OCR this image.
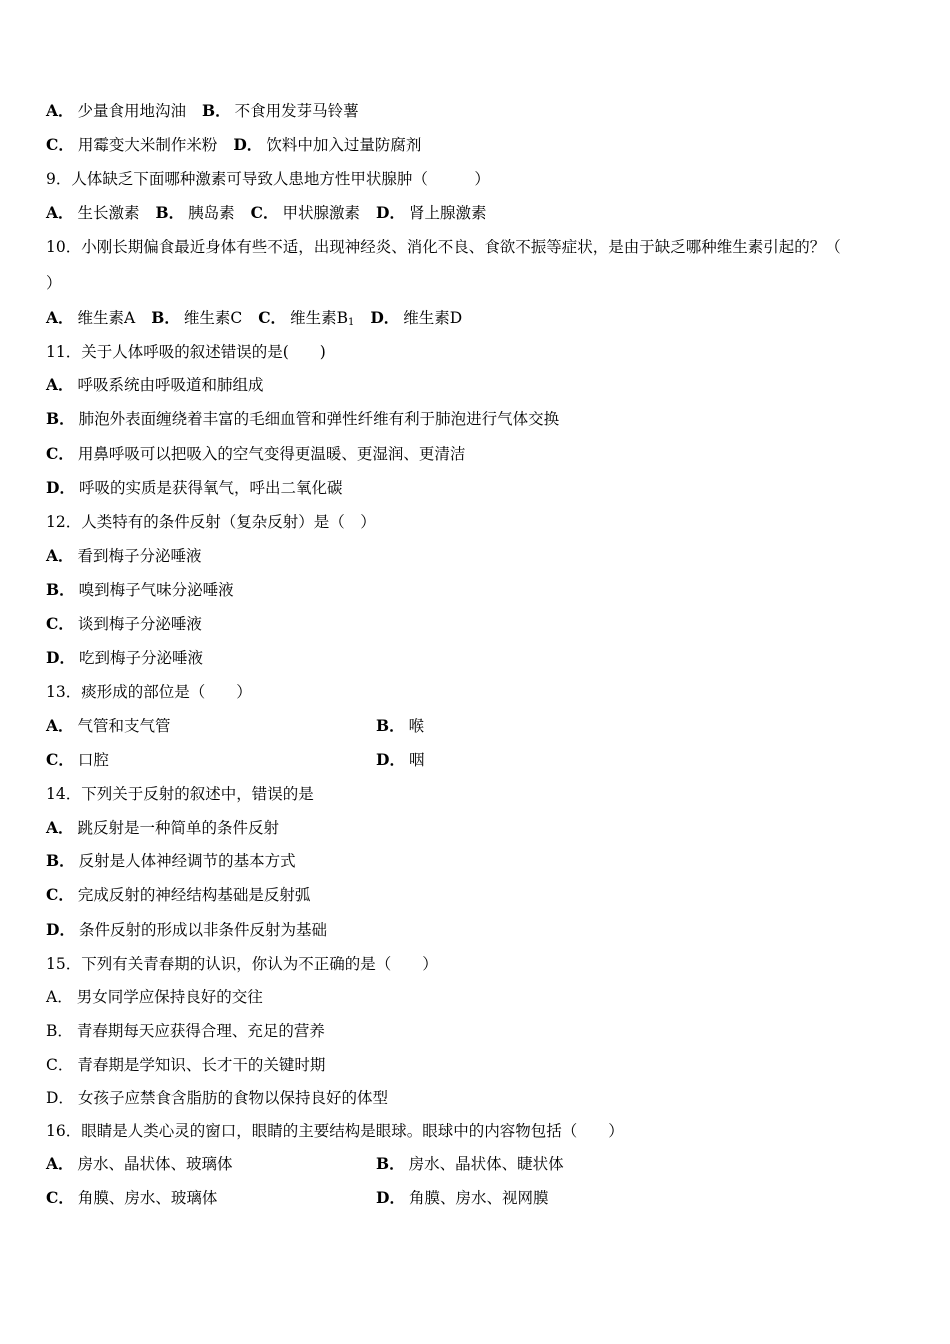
A． 少量食用地沟油 B． 不食用发芽马铃薯
C． 用霉变大米制作米粉 D． 饮料中加入过量防腐剂
9．人体缺乏下面哪种激素可导致人患地方性甲状腺肿（　　　）
A． 生长激素 B． 胰岛素 C． 甲状腺激素 D． 肾上腺激素
10．小刚长期偏食最近身体有些不适，出现神经炎、消化不良、食欲不振等症状，是由于缺乏哪种维生素引起的？（
）
A． 维生素A B． 维生素C C． 维生素$B_1$ D． 维生素D
11．关于人体呼吸的叙述错误的是(　　)
A． 呼吸系统由呼吸道和肺组成
B． 肺泡外表面缠绕着丰富的毛细血管和弹性纤维有利于肺泡进行气体交换
C． 用鼻呼吸可以把吸入的空气变得更温暖、更湿润、更清洁
D． 呼吸的实质是获得氧气，呼出二氧化碳
12．人类特有的条件反射（复杂反射）是（　）
A． 看到梅子分泌唾液
B． 嗅到梅子气味分泌唾液
C． 谈到梅子分泌唾液
D． 吃到梅子分泌唾液
13．痰形成的部位是（　　）
A． 气管和支气管	B． 喉
C． 口腔	D． 咽
14．下列关于反射的叙述中，错误的是
A． 跳反射是一种简单的条件反射
B． 反射是人体神经调节的基本方式
C． 完成反射的神经结构基础是反射弧
D． 条件反射的形成以非条件反射为基础
15．下列有关青春期的认识，你认为不正确的是（　　）
A． 男女同学应保持良好的交往
B． 青春期每天应获得合理、充足的营养
C． 青春期是学知识、长才干的关键时期
D． 女孩子应禁食含脂肪的食物以保持良好的体型
16．眼睛是人类心灵的窗口，眼睛的主要结构是眼球。眼球中的内容物包括（　　）
A． 房水、晶状体、玻璃体	B． 房水、晶状体、睫状体
C． 角膜、房水、玻璃体	D． 角膜、房水、视网膜
